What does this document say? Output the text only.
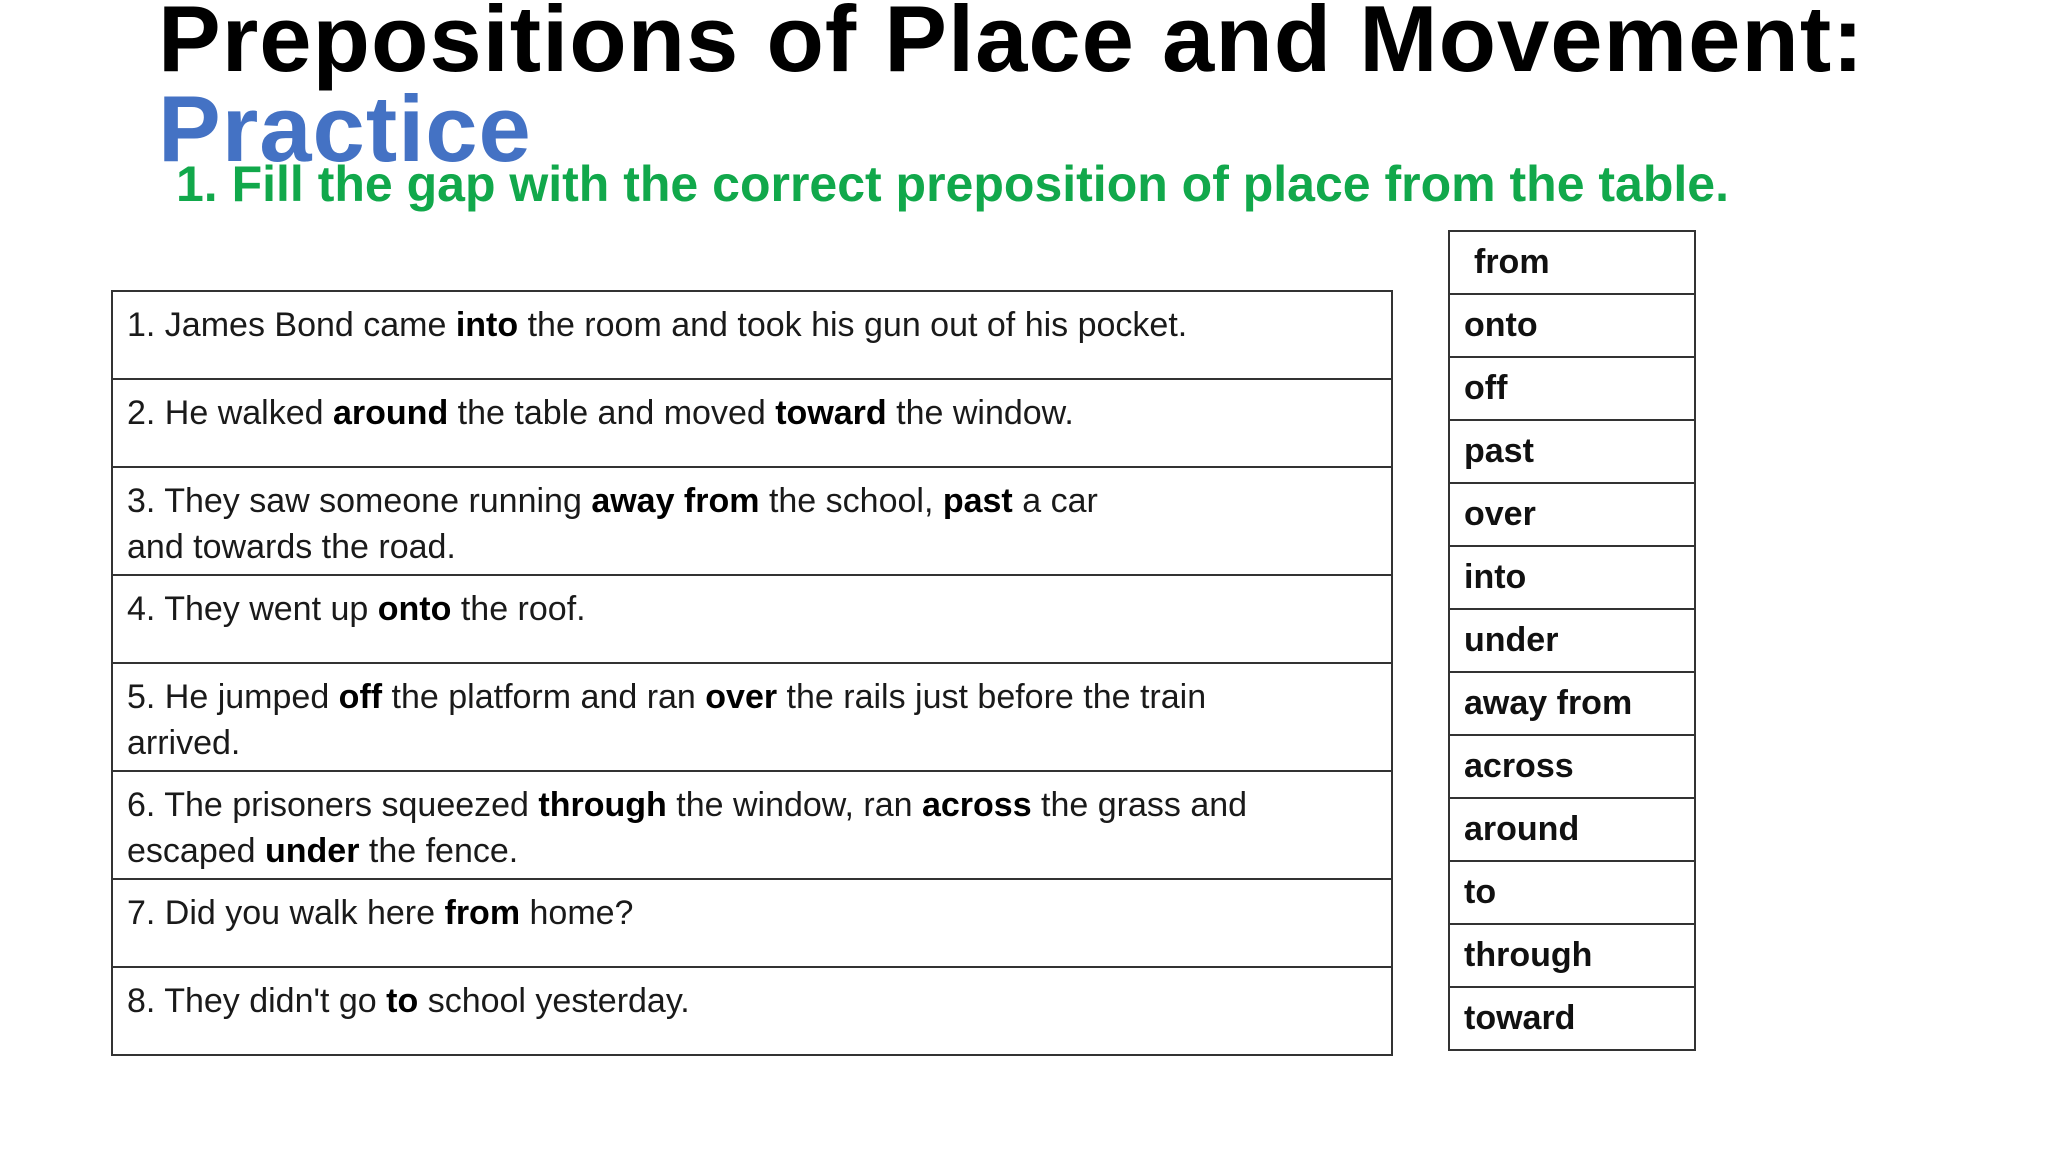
Prepositions of Place and Movement:
Practice

1. Fill the gap with the correct preposition of place from the table.

1. James Bond came into the room and took his gun out of his pocket.
2. He walked around the table and moved toward the window.
3. They saw someone running away from the school, past a car
and towards the road.
4. They went up onto the roof.
5. He jumped off the platform and ran over the rails just before the train
arrived.
6. The prisoners squeezed through the window, ran across the grass and
escaped under the fence.
7. Did you walk here from home?
8. They didn't go to school yesterday.
from
onto
off
past
over
into
under
away from
across
around
to
through
toward
